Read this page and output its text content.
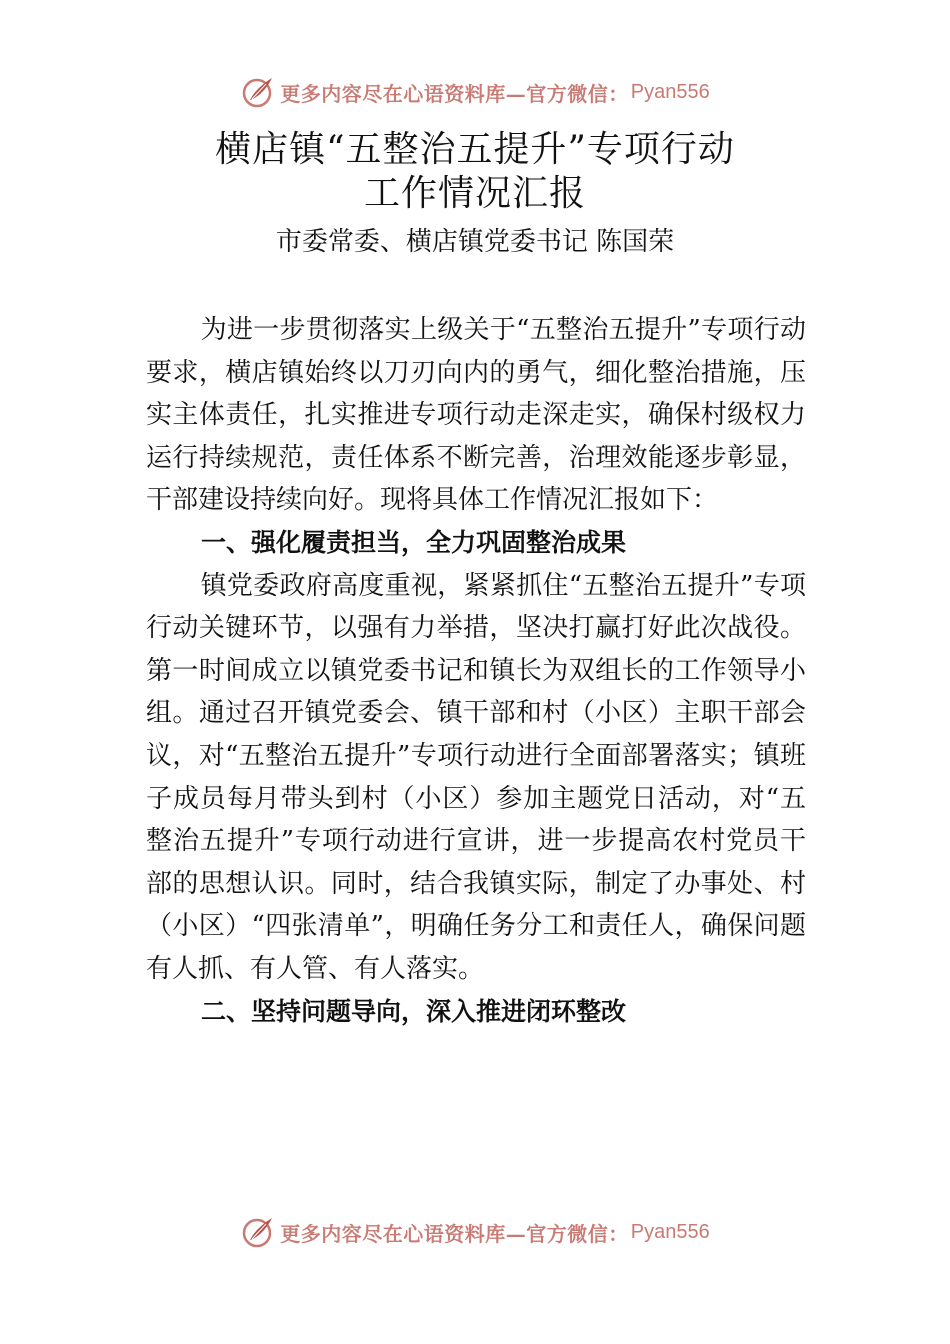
更多内容尽在心语资料库—官方微信： Pyan556
横店镇“五整治五提升”专项行动
工作情况汇报
市委常委、横店镇党委书记 陈国荣

为进一步贯彻落实上级关于“五整治五提升”专项行动要求，横店镇始终以刀刃向内的勇气，细化整治措施，压实主体责任，扎实推进专项行动走深走实，确保村级权力运行持续规范，责任体系不断完善，治理效能逐步彰显，干部建设持续向好。现将具体工作情况汇报如下：

一、强化履责担当，全力巩固整治成果

镇党委政府高度重视，紧紧抓住“五整治五提升”专项行动关键环节，以强有力举措，坚决打赢打好此次战役。第一时间成立以镇党委书记和镇长为双组长的工作领导小组。通过召开镇党委会、镇干部和村（小区）主职干部会议，对“五整治五提升”专项行动进行全面部署落实；镇班子成员每月带头到村（小区）参加主题党日活动，对“五整治五提升”专项行动进行宣讲，进一步提高农村党员干部的思想认识。同时，结合我镇实际，制定了办事处、村（小区）“四张清单”，明确任务分工和责任人，确保问题有人抓、有人管、有人落实。

二、坚持问题导向，深入推进闭环整改
更多内容尽在心语资料库—官方微信： Pyan556
